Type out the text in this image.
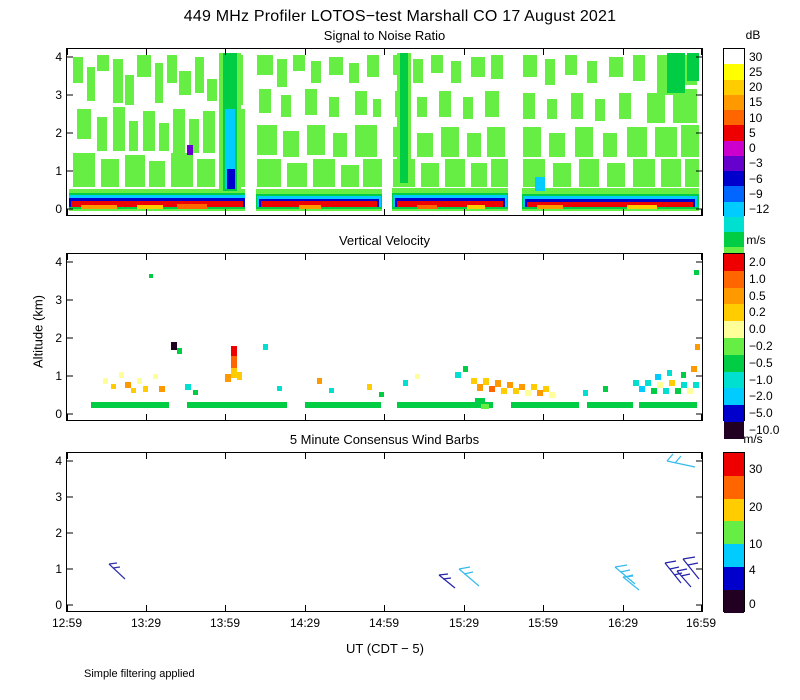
449 MHz Profiler LOTOS−test Marshall CO 17 August 2021
Signal to Noise Ratio
0
1
2
3
4
dB
30
25
20
15
10
5
0
−3
−6
−9
−12
Vertical Velocity
0
1
2
3
4
m/s
2.0
1.0
0.5
0.2
0.0
−0.2
−0.5
−1.0
−2.0
−5.0
−10.0
5 Minute Consensus Wind Barbs
0
1
2
3
4
12:59	13:29	13:59	14:29	14:59	15:29	15:59	16:29	16:59
m/s
30
20
10
4
0
Altitude (km)
UT (CDT − 5)
Simple filtering applied
